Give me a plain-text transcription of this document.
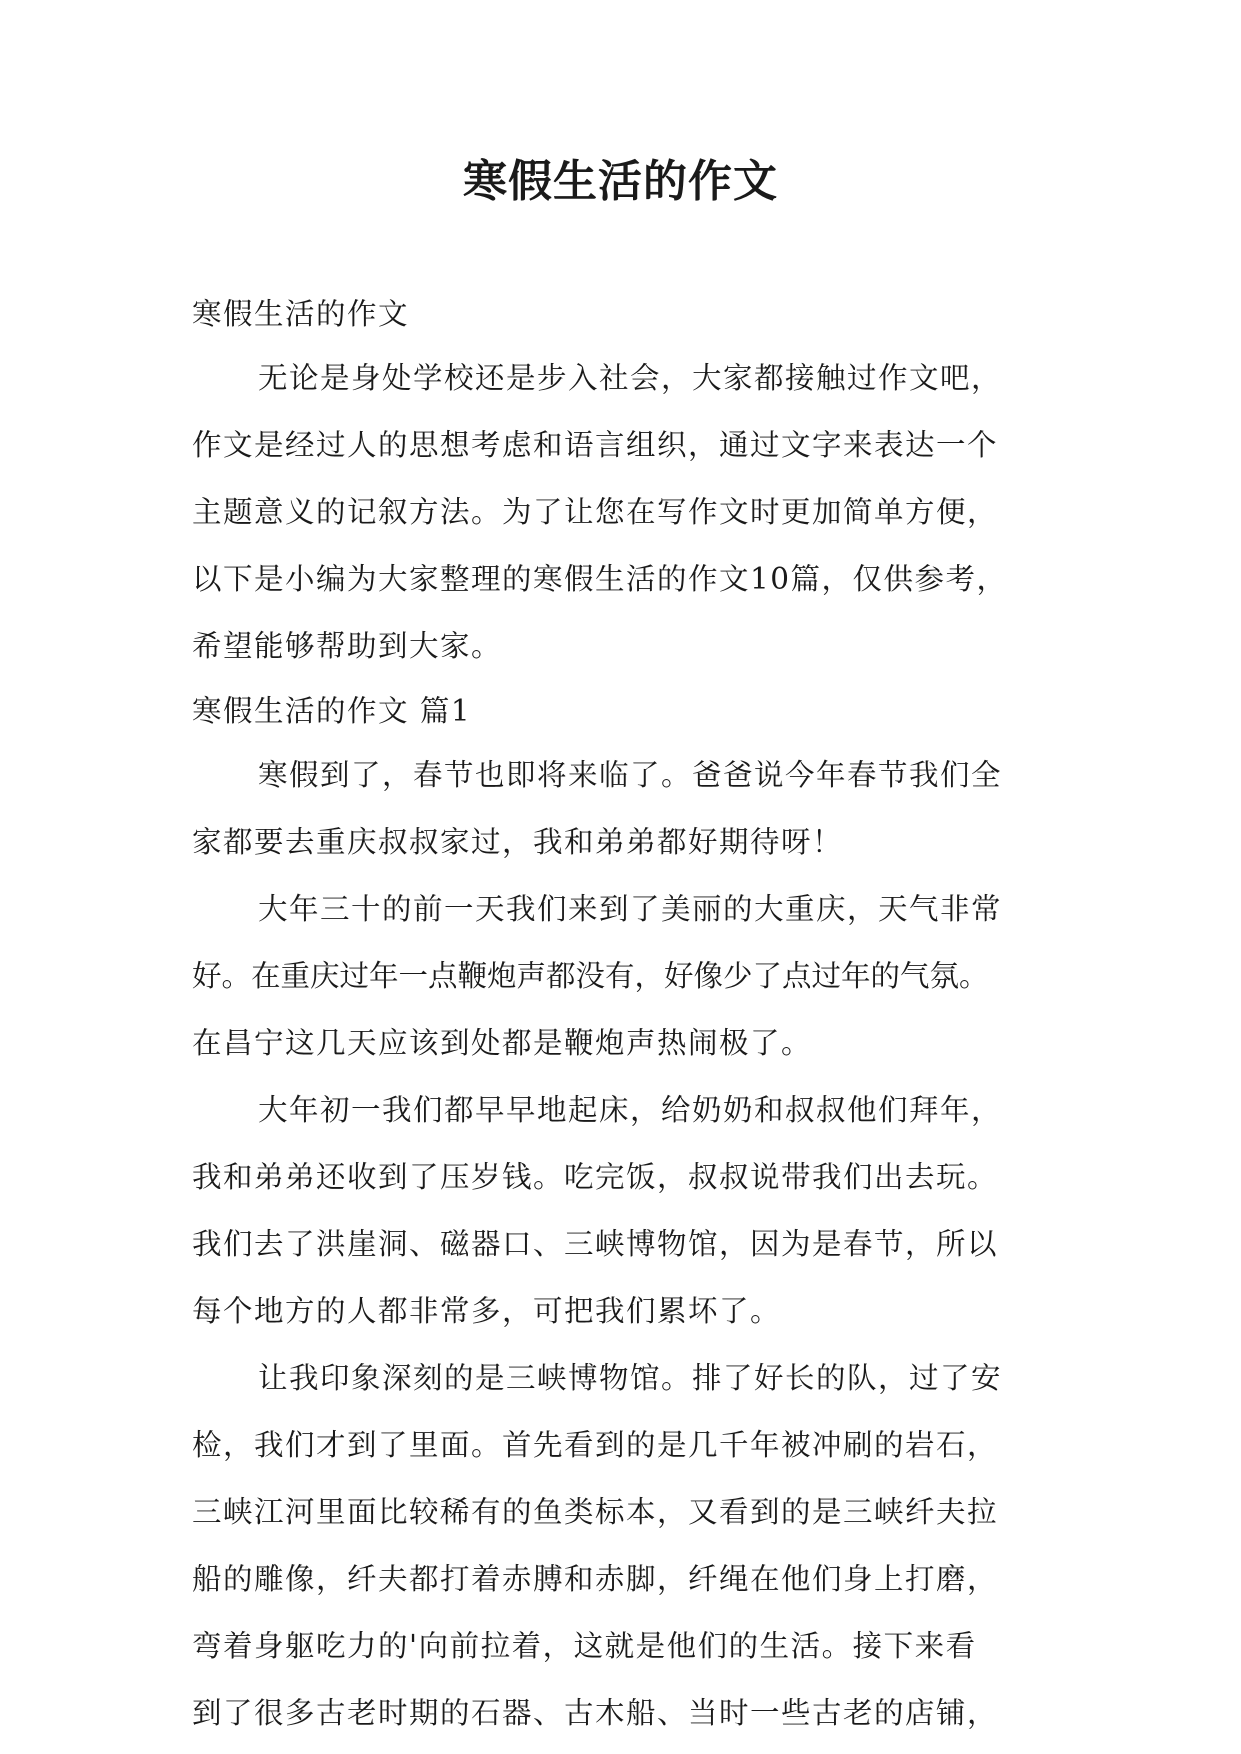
寒假生活的作文
寒假生活的作文
无论是身处学校还是步入社会，大家都接触过作文吧，
作文是经过人的思想考虑和语言组织，通过文字来表达一个
主题意义的记叙方法。为了让您在写作文时更加简单方便，
以下是小编为大家整理的寒假生活的作文10篇，仅供参考，
希望能够帮助到大家。
寒假生活的作文 篇1
寒假到了，春节也即将来临了。爸爸说今年春节我们全
家都要去重庆叔叔家过，我和弟弟都好期待呀！
大年三十的前一天我们来到了美丽的大重庆，天气非常
好。在重庆过年一点鞭炮声都没有，好像少了点过年的气氛。
在昌宁这几天应该到处都是鞭炮声热闹极了。
大年初一我们都早早地起床，给奶奶和叔叔他们拜年，
我和弟弟还收到了压岁钱。吃完饭，叔叔说带我们出去玩。
我们去了洪崖洞、磁器口、三峡博物馆，因为是春节，所以
每个地方的人都非常多，可把我们累坏了。
让我印象深刻的是三峡博物馆。排了好长的队，过了安
检，我们才到了里面。首先看到的是几千年被冲刷的岩石，
三峡江河里面比较稀有的鱼类标本，又看到的是三峡纤夫拉
船的雕像，纤夫都打着赤膊和赤脚，纤绳在他们身上打磨，
弯着身躯吃力的'向前拉着，这就是他们的生活。接下来看
到了很多古老时期的石器、古木船、当时一些古老的店铺，
